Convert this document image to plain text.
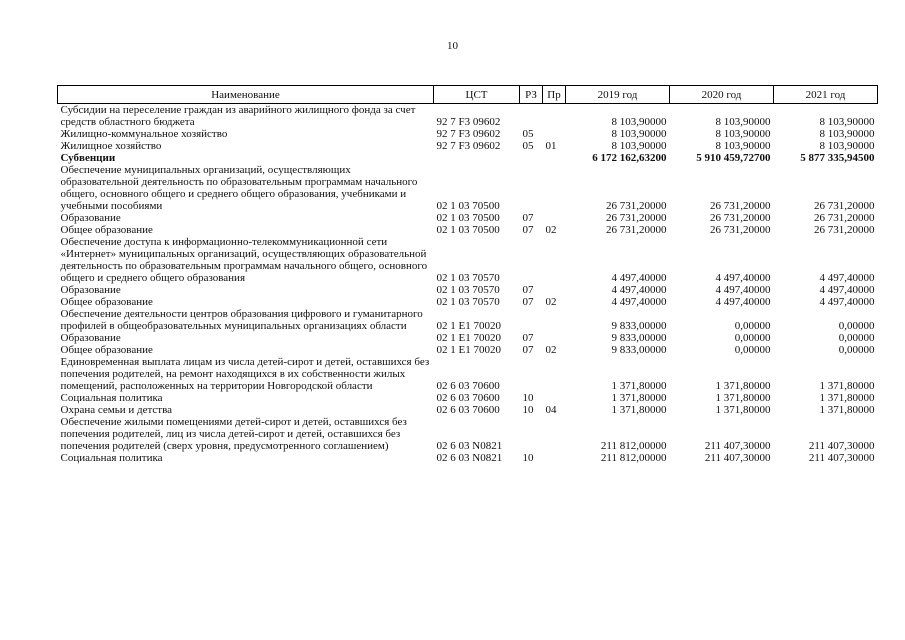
10
Наименование	ЦСТ	РЗ	Пр	2019 год	2020 год	2021 год
Субсидии на переселение граждан из аварийного жилищного фонда за счет средств областного бюджета	92 7 F3 09602			8 103,90000	8 103,90000	8 103,90000
Жилищно-коммунальное хозяйство	92 7 F3 09602	05		8 103,90000	8 103,90000	8 103,90000
Жилищное хозяйство	92 7 F3 09602	05	01	8 103,90000	8 103,90000	8 103,90000
Субвенции				6 172 162,63200	5 910 459,72700	5 877 335,94500
Обеспечение муниципальных организаций, осуществляющих образовательной деятельность по образовательным программам начального общего, основного общего и среднего общего образования, учебниками и учебными пособиями	02 1 03 70500			26 731,20000	26 731,20000	26 731,20000
Образование	02 1 03 70500	07		26 731,20000	26 731,20000	26 731,20000
Общее образование	02 1 03 70500	07	02	26 731,20000	26 731,20000	26 731,20000
Обеспечение доступа к информационно-телекоммуникационной сети «Интернет» муниципальных организаций, осуществляющих образовательной деятельность по образовательным программам начального общего, основного общего и среднего общего образования	02 1 03 70570			4 497,40000	4 497,40000	4 497,40000
Образование	02 1 03 70570	07		4 497,40000	4 497,40000	4 497,40000
Общее образование	02 1 03 70570	07	02	4 497,40000	4 497,40000	4 497,40000
Обеспечение деятельности центров образования цифрового и гуманитарного профилей в общеобразовательных муниципальных организациях области	02 1 E1 70020			9 833,00000	0,00000	0,00000
Образование	02 1 E1 70020	07		9 833,00000	0,00000	0,00000
Общее образование	02 1 E1 70020	07	02	9 833,00000	0,00000	0,00000
Единовременная выплата лицам из числа детей-сирот и детей, оставшихся без попечения родителей, на ремонт находящихся в их собственности жилых помещений, расположенных на территории Новгородской области	02 6 03 70600			1 371,80000	1 371,80000	1 371,80000
Социальная политика	02 6 03 70600	10		1 371,80000	1 371,80000	1 371,80000
Охрана семьи и детства	02 6 03 70600	10	04	1 371,80000	1 371,80000	1 371,80000
Обеспечение жилыми помещениями детей-сирот и детей, оставшихся без попечения родителей, лиц из числа детей-сирот и детей, оставшихся без попечения родителей (сверх уровня, предусмотренного соглашением)	02 6 03 N0821			211 812,00000	211 407,30000	211 407,30000
Социальная политика	02 6 03 N0821	10		211 812,00000	211 407,30000	211 407,30000
